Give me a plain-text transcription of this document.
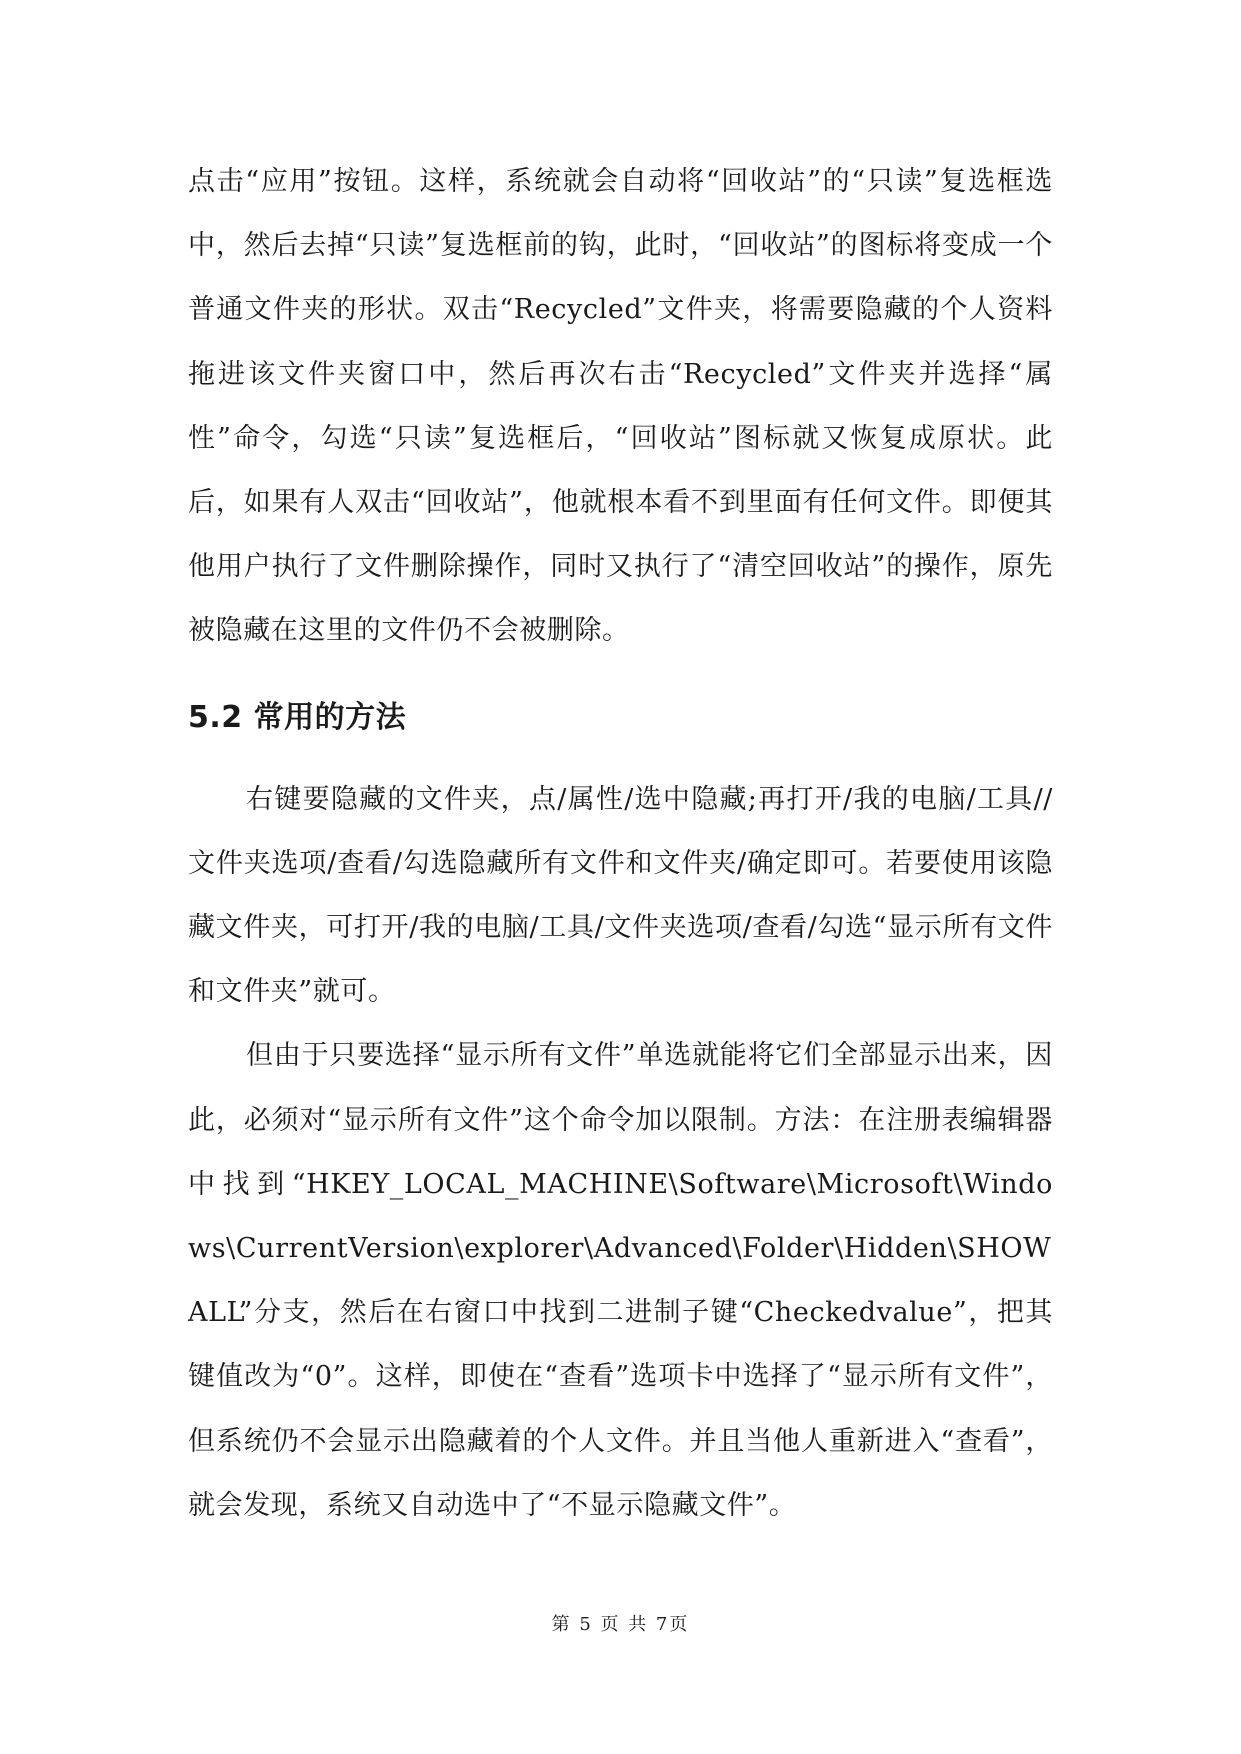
点击“应用”按钮。这样，系统就会自动将“回收站”的“只读”复选框选中，然后去掉“只读”复选框前的钩，此时，“回收站”的图标将变成一个普通文件夹的形状。双击“Recycled”文件夹，将需要隐藏的个人资料拖进该文件夹窗口中，然后再次右击“Recycled”文件夹并选择“属性”命令，勾选“只读”复选框后，“回收站”图标就又恢复成原状。此后，如果有人双击“回收站”，他就根本看不到里面有任何文件。即便其他用户执行了文件删除操作，同时又执行了“清空回收站”的操作，原先被隐藏在这里的文件仍不会被删除。

5.2 常用的方法

右键要隐藏的文件夹，点/属性/选中隐藏;再打开/我的电脑/工具//文件夹选项/查看/勾选隐藏所有文件和文件夹/确定即可。若要使用该隐藏文件夹，可打开/我的电脑/工具/文件夹选项/查看/勾选“显示所有文件和文件夹”就可。

但由于只要选择“显示所有文件”单选就能将它们全部显示出来，因此，必须对“显示所有文件”这个命令加以限制。方法：在注册表编辑器中找到“HKEY_LOCAL_MACHINE\Software\Microsoft\Windows\CurrentVersion\explorer\Advanced\Folder\Hidden\SHOWALL”分支，然后在右窗口中找到二进制子键“Checkedvalue”，把其键值改为“0”。这样，即使在“查看”选项卡中选择了“显示所有文件”，但系统仍不会显示出隐藏着的个人文件。并且当他人重新进入“查看”，就会发现，系统又自动选中了“不显示隐藏文件”。

第 5 页 共 7页
